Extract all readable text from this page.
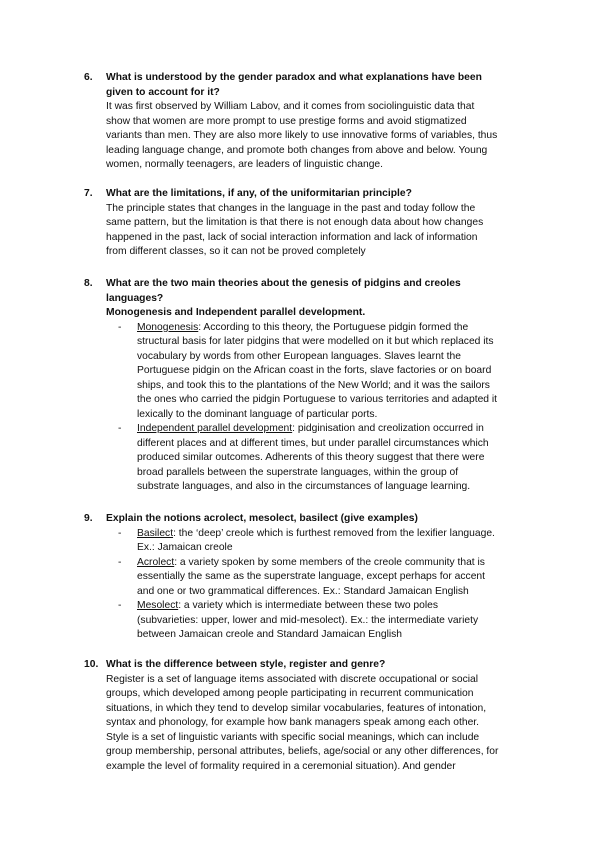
6.	What is understood by the gender paradox and what explanations have been given to account for it?
It was first observed by William Labov, and it comes from sociolinguistic data that show that women are more prompt to use prestige forms and avoid stigmatized variants than men. They are also more likely to use innovative forms of variables, thus leading language change, and promote both changes from above and below. Young women, normally teenagers, are leaders of linguistic change.
7.	What are the limitations, if any, of the uniformitarian principle?
The principle states that changes in the language in the past and today follow the same pattern, but the limitation is that there is not enough data about how changes happened in the past, lack of social interaction information and lack of information from different classes, so it can not be proved completely
8.	What are the two main theories about the genesis of pidgins and creoles languages?
Monogenesis and Independent parallel development.
-	Monogenesis: According to this theory, the Portuguese pidgin formed the structural basis for later pidgins that were modelled on it but which replaced its vocabulary by words from other European languages. Slaves learnt the Portuguese pidgin on the African coast in the forts, slave factories or on board ships, and took this to the plantations of the New World; and it was the sailors the ones who carried the pidgin Portuguese to various territories and adapted it lexically to the dominant language of particular ports.
-	Independent parallel development: pidginisation and creolization occurred in different places and at different times, but under parallel circumstances which produced similar outcomes. Adherents of this theory suggest that there were broad parallels between the superstrate languages, within the group of substrate languages, and also in the circumstances of language learning.
9.	Explain the notions acrolect, mesolect, basilect (give examples)
-	Basilect: the ‘deep’ creole which is furthest removed from the lexifier language. Ex.: Jamaican creole
-	Acrolect: a variety spoken by some members of the creole community that is essentially the same as the superstrate language, except perhaps for accent and one or two grammatical differences. Ex.: Standard Jamaican English
-	Mesolect: a variety which is intermediate between these two poles (subvarieties: upper, lower and mid-mesolect). Ex.: the intermediate variety between Jamaican creole and Standard Jamaican English
10. What is the difference between style, register and genre?
Register is a set of language items associated with discrete occupational or social groups, which developed among people participating in recurrent communication situations, in which they tend to develop similar vocabularies, features of intonation, syntax and phonology, for example how bank managers speak among each other. Style is a set of linguistic variants with specific social meanings, which can include group membership, personal attributes, beliefs, age/social or any other differences, for example the level of formality required in a ceremonial situation). And gender
